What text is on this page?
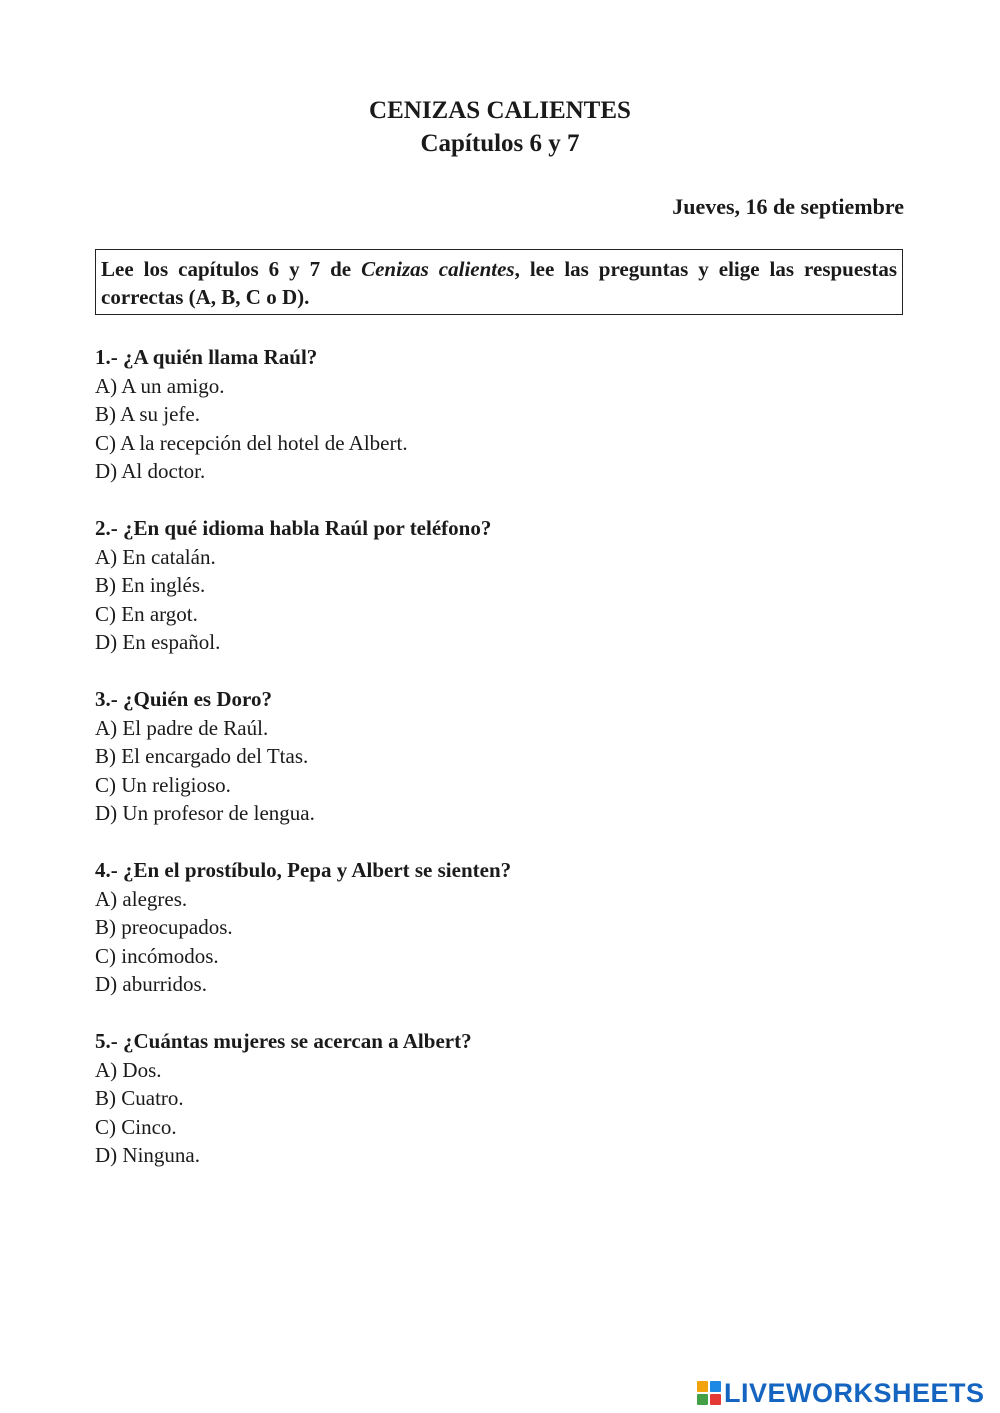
CENIZAS CALIENTES
Capítulos 6 y 7
Jueves, 16 de septiembre
Lee los capítulos 6 y 7 de Cenizas calientes, lee las preguntas y elige las respuestas correctas (A, B, C o D).
1.- ¿A quién llama Raúl?
A) A un amigo.
B) A su jefe.
C) A la recepción del hotel de Albert.
D) Al doctor.
2.- ¿En qué idioma habla Raúl por teléfono?
A) En catalán.
B) En inglés.
C) En argot.
D) En español.
3.- ¿Quién es Doro?
A) El padre de Raúl.
B) El encargado del Ttas.
C) Un religioso.
D) Un profesor de lengua.
4.- ¿En el prostíbulo, Pepa y Albert se sienten?
A) alegres.
B) preocupados.
C) incómodos.
D) aburridos.
5.- ¿Cuántas mujeres se acercan a Albert?
A) Dos.
B) Cuatro.
C) Cinco.
D) Ninguna.
LIVEWORKSHEETS
